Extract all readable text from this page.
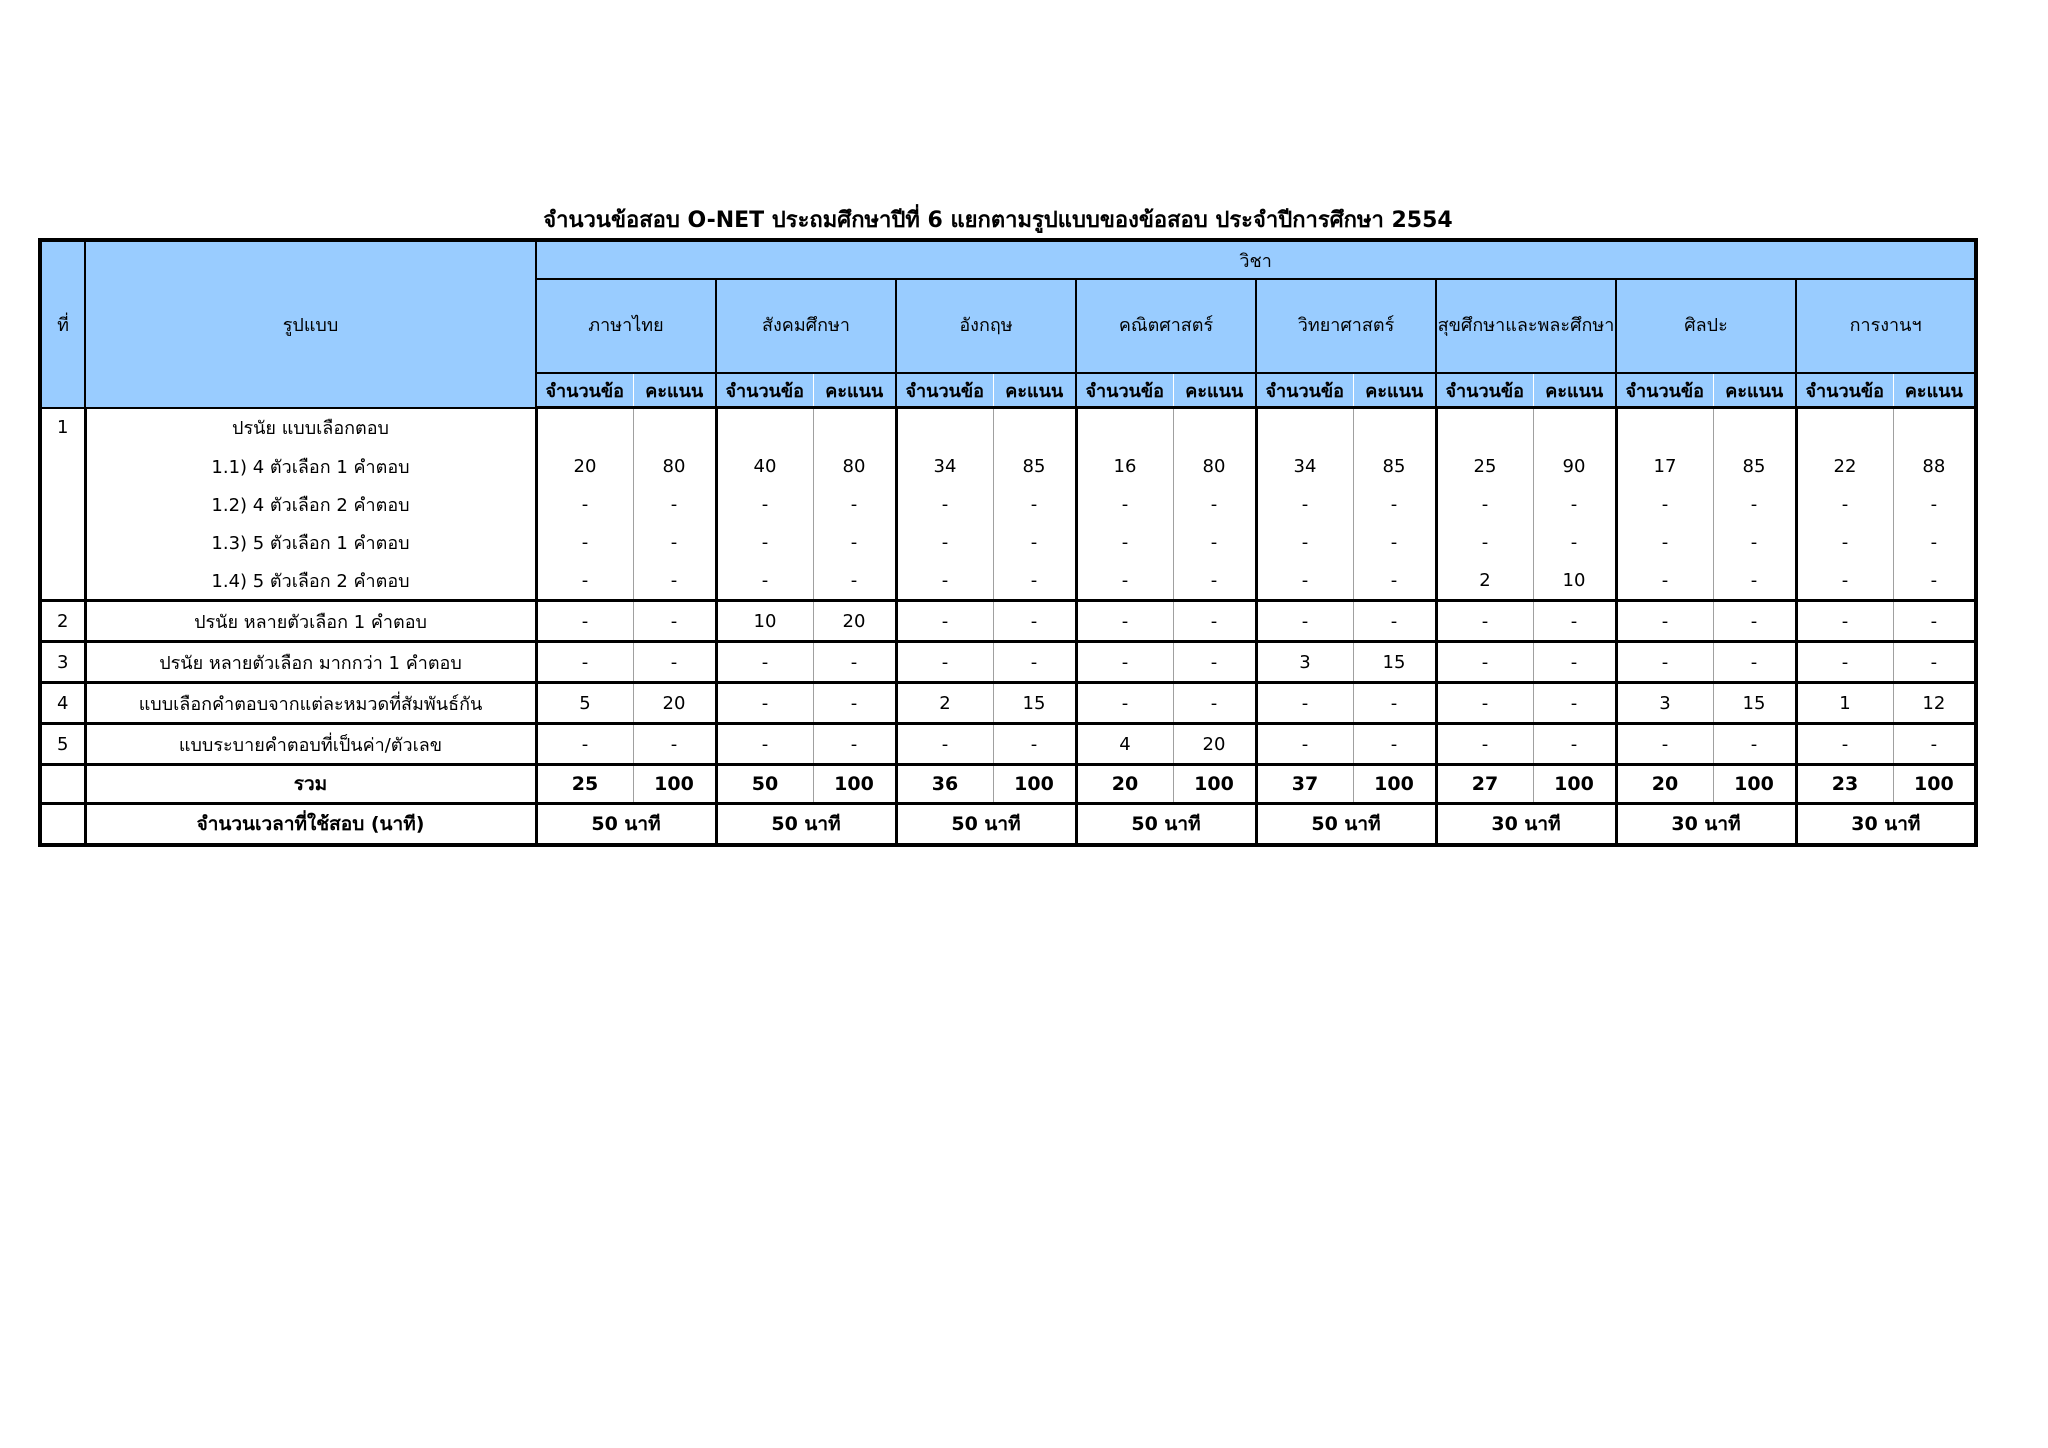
จำนวนข้อสอบ O-NET ประถมศึกษาปีที่ 6 แยกตามรูปแบบของข้อสอบ ประจำปีการศึกษา 2554
ที่	รูปแบบ	วิชา															
		ภาษาไทย		สังคมศึกษา		อังกฤษ		คณิตศาสตร์		วิทยาศาสตร์		สุขศึกษาและพละศึกษา		ศิลปะ		การงานฯ	
		จำนวนข้อ	คะแนน	จำนวนข้อ	คะแนน	จำนวนข้อ	คะแนน	จำนวนข้อ	คะแนน	จำนวนข้อ	คะแนน	จำนวนข้อ	คะแนน	จำนวนข้อ	คะแนน	จำนวนข้อ	คะแนน
1	ปรนัย แบบเลือกตอบ																
	1.1) 4 ตัวเลือก 1 คำตอบ	20	80	40	80	34	85	16	80	34	85	25	90	17	85	22	88
	1.2) 4 ตัวเลือก 2 คำตอบ	-	-	-	-	-	-	-	-	-	-	-	-	-	-	-	-
	1.3) 5 ตัวเลือก 1 คำตอบ	-	-	-	-	-	-	-	-	-	-	-	-	-	-	-	-
	1.4) 5 ตัวเลือก 2 คำตอบ	-	-	-	-	-	-	-	-	-	-	2	10	-	-	-	-
2	ปรนัย หลายตัวเลือก 1 คำตอบ	-	-	10	20	-	-	-	-	-	-	-	-	-	-	-	-
3	ปรนัย หลายตัวเลือก มากกว่า 1 คำตอบ	-	-	-	-	-	-	-	-	3	15	-	-	-	-	-	-
4	แบบเลือกคำตอบจากแต่ละหมวดที่สัมพันธ์กัน	5	20	-	-	2	15	-	-	-	-	-	-	3	15	1	12
5	แบบระบายคำตอบที่เป็นค่า/ตัวเลข	-	-	-	-	-	-	4	20	-	-	-	-	-	-	-	-
	รวม	25	100	50	100	36	100	20	100	37	100	27	100	20	100	23	100
	จำนวนเวลาที่ใช้สอบ (นาที)	50 นาที		50 นาที		50 นาที		50 นาที		50 นาที		30 นาที		30 นาที		30 นาที	
